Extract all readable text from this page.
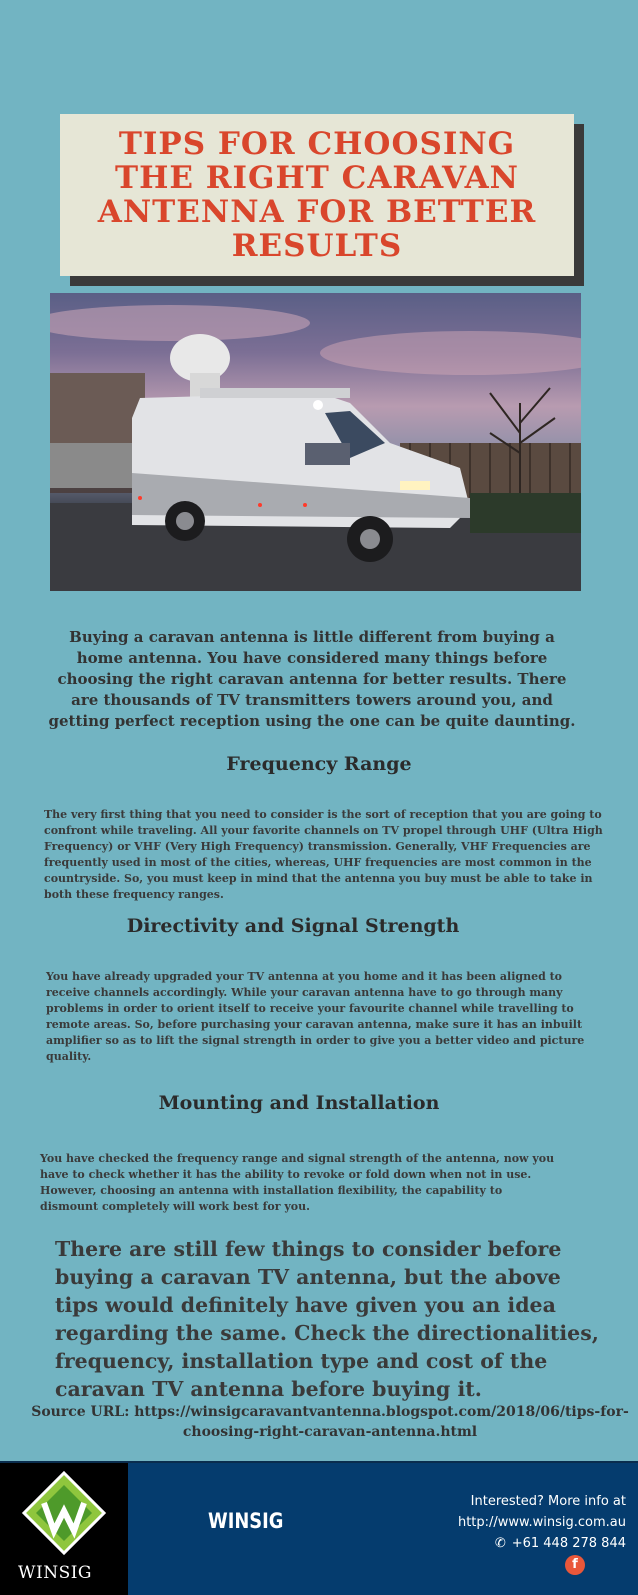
TIPS FOR CHOOSING THE RIGHT CARAVAN ANTENNA FOR BETTER RESULTS

Buying a caravan antenna is little different from buying a home antenna. You have considered many things before choosing the right caravan antenna for better results. There are thousands of TV transmitters towers around you, and getting perfect reception using the one can be quite daunting.

Frequency Range

The very first thing that you need to consider is the sort of reception that you are going to confront while traveling. All your favorite channels on TV propel through UHF (Ultra High Frequency) or VHF (Very High Frequency) transmission. Generally, VHF Frequencies are frequently used in most of the cities, whereas, UHF frequencies are most common in the countryside. So, you must keep in mind that the antenna you buy must be able to take in both these frequency ranges.

Directivity and Signal Strength

You have already upgraded your TV antenna at you home and it has been aligned to receive channels accordingly. While your caravan antenna have to go through many problems in order to orient itself to receive your favourite channel while travelling to remote areas. So, before purchasing your caravan antenna, make sure it has an inbuilt amplifier so as to lift the signal strength in order to give you a better video and picture quality.

Mounting and Installation

You have checked the frequency range and signal strength of the antenna, now you have to check whether it has the ability to revoke or fold down when not in use. However, choosing an antenna with installation flexibility, the capability to dismount completely will work best for you.

There are still few things to consider before buying a caravan TV antenna, but the above tips would definitely have given you an idea regarding the same. Check the directionalities, frequency, installation type and cost of the caravan TV antenna before buying it.

Source URL: https://winsigcaravantvantenna.blogspot.com/2018/06/tips-for-choosing-right-caravan-antenna.html

WINSIG
WINSIG
Interested? More info at
http://www.winsig.com.au
✆ +61 448 278 844
f
